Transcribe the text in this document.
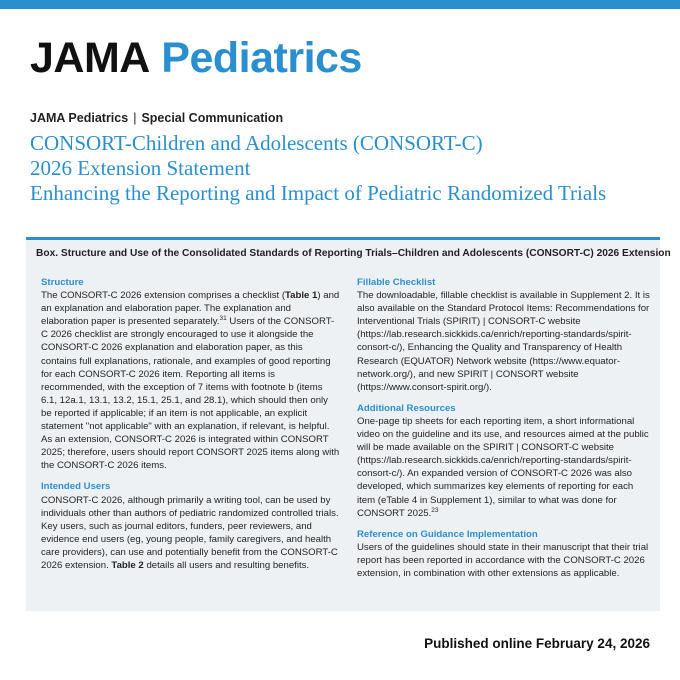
JAMA Pediatrics
JAMA Pediatrics | Special Communication
CONSORT-Children and Adolescents (CONSORT-C)
2026 Extension Statement
Enhancing the Reporting and Impact of Pediatric Randomized Trials
Box. Structure and Use of the Consolidated Standards of Reporting Trials–Children and Adolescents (CONSORT-C) 2026 Extension
Structure
The CONSORT-C 2026 extension comprises a checklist (Table 1) and an explanation and elaboration paper. The explanation and elaboration paper is presented separately.$^{31}$ Users of the CONSORT-C 2026 checklist are strongly encouraged to use it alongside the CONSORT-C 2026 explanation and elaboration paper, as this contains full explanations, rationale, and examples of good reporting for each CONSORT-C 2026 item. Reporting all items is recommended, with the exception of 7 items with footnote b (items 6.1, 12a.1, 13.1, 13.2, 15.1, 25.1, and 28.1), which should then only be reported if applicable; if an item is not applicable, an explicit statement "not applicable" with an explanation, if relevant, is helpful. As an extension, CONSORT-C 2026 is integrated within CONSORT 2025; therefore, users should report CONSORT 2025 items along with the CONSORT-C 2026 items.
Intended Users
CONSORT-C 2026, although primarily a writing tool, can be used by individuals other than authors of pediatric randomized controlled trials. Key users, such as journal editors, funders, peer reviewers, and evidence end users (eg, young people, family caregivers, and health care providers), can use and potentially benefit from the CONSORT-C 2026 extension. Table 2 details all users and resulting benefits.
Fillable Checklist
The downloadable, fillable checklist is available in Supplement 2. It is also available on the Standard Protocol Items: Recommendations for Interventional Trials (SPIRIT) | CONSORT-C website (https://lab.research.sickkids.ca/enrich/reporting-standards/spirit-consort-c/), Enhancing the Quality and Transparency of Health Research (EQUATOR) Network website (https://www.equator-network.org/), and new SPIRIT | CONSORT website (https://www.consort-spirit.org/).
Additional Resources
One-page tip sheets for each reporting item, a short informational video on the guideline and its use, and resources aimed at the public will be made available on the SPIRIT | CONSORT-C website (https://lab.research.sickkids.ca/enrich/reporting-standards/spirit-consort-c/). An expanded version of CONSORT-C 2026 was also developed, which summarizes key elements of reporting for each item (eTable 4 in Supplement 1), similar to what was done for CONSORT 2025.23
Reference on Guidance Implementation
Users of the guidelines should state in their manuscript that their trial report has been reported in accordance with the CONSORT-C 2026 extension, in combination with other extensions as applicable.
Published online February 24, 2026
